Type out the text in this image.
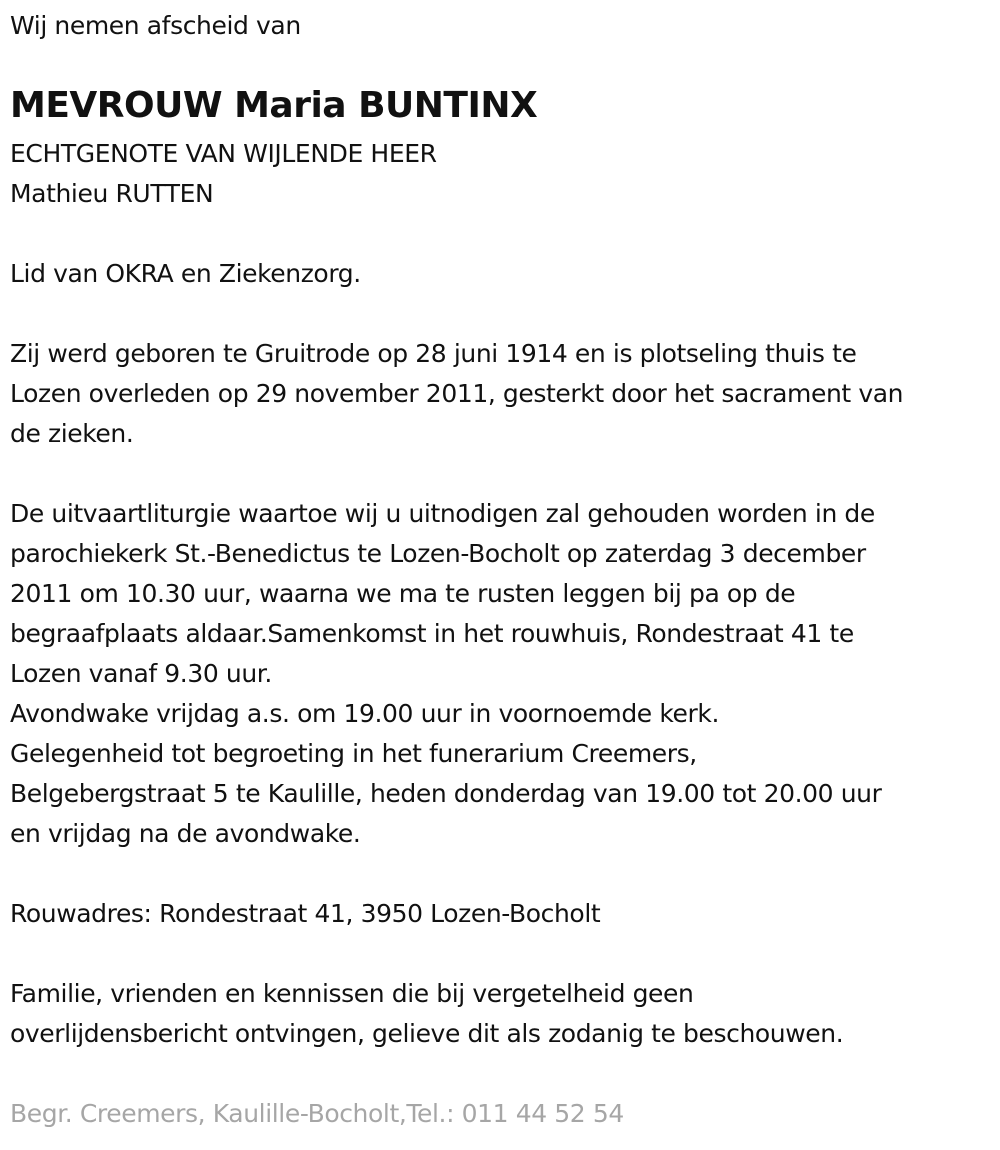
Wij nemen afscheid van
MEVROUW Maria BUNTINX
ECHTGENOTE VAN WIJLENDE HEER
Mathieu RUTTEN
Lid van OKRA en Ziekenzorg.
Zij werd geboren te Gruitrode op 28 juni 1914 en is plotseling thuis te
Lozen overleden op 29 november 2011, gesterkt door het sacrament van
de zieken.
De uitvaartliturgie waartoe wij u uitnodigen zal gehouden worden in de
parochiekerk St.-Benedictus te Lozen-Bocholt op zaterdag 3 december
2011 om 10.30 uur, waarna we ma te rusten leggen bij pa op de
begraafplaats aldaar.Samenkomst in het rouwhuis, Rondestraat 41 te
Lozen vanaf 9.30 uur.
Avondwake vrijdag a.s. om 19.00 uur in voornoemde kerk.
Gelegenheid tot begroeting in het funerarium Creemers,
Belgebergstraat 5 te Kaulille, heden donderdag van 19.00 tot 20.00 uur
en vrijdag na de avondwake.
Rouwadres: Rondestraat 41, 3950 Lozen-Bocholt
Familie, vrienden en kennissen die bij vergetelheid geen
overlijdensbericht ontvingen, gelieve dit als zodanig te beschouwen.
Begr. Creemers, Kaulille-Bocholt,Tel.: 011 44 52 54
